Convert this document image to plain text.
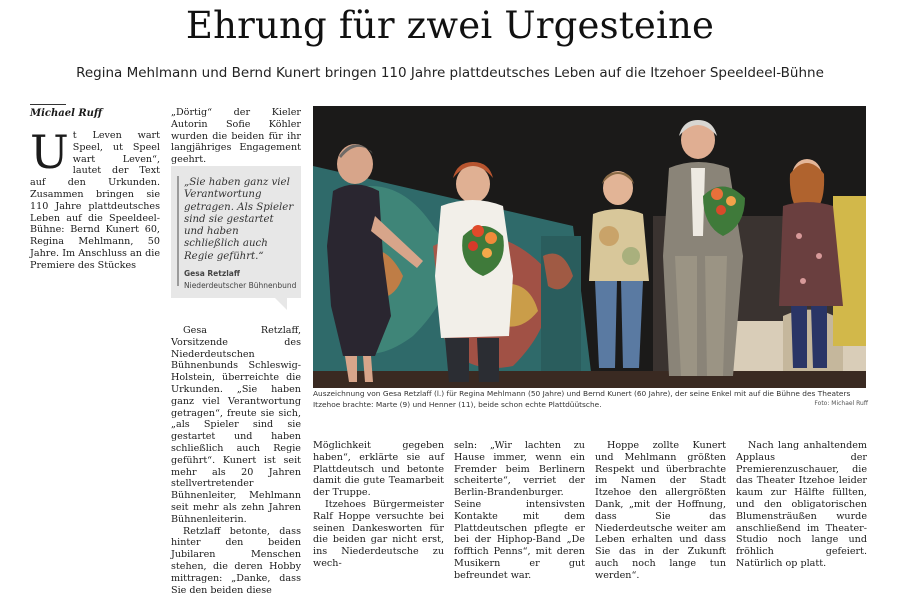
Ehrung für zwei Urgesteine
Regina Mehlmann und Bernd Kunert bringen 110 Jahre plattdeutsches Leben auf die Itzehoer Speeldeel-Bühne
Michael Ruff

Ut Leven wart Speel, ut Speel wart Leven“, lautet der Text auf den Urkunden. Zusammen bringen sie 110 Jahre plattdeutsches Leben auf die Speeldeel-Bühne: Bernd Kunert 60, Regina Mehlmann, 50 Jahre. Im Anschluss an die Premiere des Stückes

„Dörtig“ der Kieler Autorin Sofie Köhler wurden die beiden für ihr langjähriges Engagement geehrt.

„Sie haben ganz viel Verantwortung getragen. Als Spieler sind sie gestartet und haben schließlich auch Regie geführt.“
Gesa Retzlaff
Niederdeutscher Bühnenbund

Gesa Retzlaff, Vorsitzende des Niederdeutschen Bühnenbunds Schleswig-Holstein, überreichte die Urkunden. „Sie haben ganz viel Verantwortung getragen“, freute sie sich, „als Spieler sind sie gestartet und haben schließlich auch Regie geführt“. Kunert ist seit mehr als 20 Jahren stellvertretender Bühnenleiter, Mehlmann seit mehr als zehn Jahren Bühnenleiterin.

Retzlaff betonte, dass hinter den beiden Jubilaren Menschen stehen, die deren Hobby mittragen: „Danke, dass Sie den beiden diese

Auszeichnung von Gesa Retzlaff (l.) für Regina Mehlmann (50 Jahre) und Bernd Kunert (60 Jahre), der seine Enkel mit auf die Bühne des Theaters Itzehoe brachte: Marte (9) und Henner (11), beide schon echte Plattdüütsche.	Foto: Michael Ruff

Möglichkeit gegeben haben“, erklärte sie auf Plattdeutsch und betonte damit die gute Teamarbeit der Truppe.

Itzehoes Bürgermeister Ralf Hoppe versuchte bei seinen Dankesworten für die beiden gar nicht erst, ins Niederdeutsche zu wech-

seln: „Wir lachten zu Hause immer, wenn ein Fremder beim Berlinern scheiterte“, verriet der Berlin-Brandenburger. Seine intensivsten Kontakte mit dem Plattdeutschen pflegte er bei der Hiphop-Band „De fofftich Penns“, mit deren Musikern er gut befreundet war.

Hoppe zollte Kunert und Mehlmann größten Respekt und überbrachte im Namen der Stadt Itzehoe den allergrößten Dank, „mit der Hoffnung, dass Sie das Niederdeutsche weiter am Leben erhalten und dass Sie das in der Zukunft auch noch lange tun werden“.

Nach lang anhaltendem Applaus der Premierenzuschauer, die das Theater Itzehoe leider kaum zur Hälfte füllten, und den obligatorischen Blumensträußen wurde anschließend im Theater-Studio noch lange und fröhlich gefeiert. Natürlich op platt.
